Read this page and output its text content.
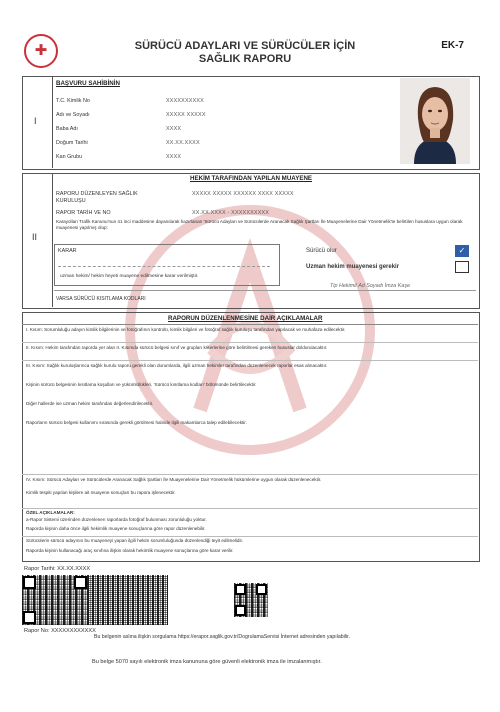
✚	SÜRÜCÜ ADAYLARI VE SÜRÜCÜLER İÇİN
SAĞLIK RAPORU
EK-7
I
BAŞVURU SAHİBİNİN
T.C. Kimlik No	XXXXXXXXXX
Adı ve Soyadı	XXXXX XXXXX
Baba Adı	XXXX
Doğum Tarihi	XX.XX.XXXX
Kan Grubu	XXXX
II
HEKİM TARAFINDAN YAPILAN MUAYENE
RAPORU DÜZENLEYEN SAĞLIK KURULUŞU
XXXXX XXXXX XXXXXX XXXX XXXXX
RAPOR TARİH VE NO	XX.XX.XXXX - XXXXXXXXXX
Karayolları Trafik Kanunu'nun 41 inci maddesine dayanılarak hazırlanan 'Sürücü Adayları ve Sürücülerde Aranacak Sağlık Şartları İle Muayenelerine Dair Yönetmelik'te belirtilen hususlara uygun olarak muayenesi yapılmış olup:
KARAR
uzman hekim/ hekim heyeti muayene edilmesine karar verilmiştir.
Sürücü olur	✓
Uzman hekim muayenesi gerekir
Tip Hekimi/ Ad Soyadı İmza Kaşe
VARSA SÜRÜCÜ KISITLAMA KODLARI
RAPORUN DÜZENLENMESİNE DAİR AÇIKLAMALAR
I. Kısım: Sorumluluğu adayın kimlik bilgilerinin ve fotoğrafının kontrolü, kimlik bilgileri ve fotoğraf sağlık kuruluşu tarafından yapılacak ve muhafaza edilecektir.
II. Kısım: Hekim tarafından raporda yer alan II. Kısımda sürücü belgesi sınıf ve grupları kriterlerine göre belirtilmesi gereken hususlar doldurulacaktır.
III. Kısım: Sağlık kuruluşlarınca sağlık kurulu raporu gerekli olan durumlarda, ilgili uzman hekimler tarafından düzenlenecek raporlar esas alınacaktır.
Kişinin sürücü belgesinin kısıtlama koşulları ve yükümlülükleri, 'Sürücü kısıtlama kodları' bölümünde belirtilecektir.
Diğer hallerde ise uzman hekim tarafından değerlendirilecektir.
Raporların sürücü belgesi kullanımı sırasında gerekli görülmesi halinde ilgili makamlarca talep edilebilecektir.
IV. Kısım: Sürücü Adayları ve Sürücülerde Aranacak Sağlık Şartları İle Muayenelerine Dair Yönetmelik hükümlerine uygun olarak düzenlenecektir.
Kimlik tespiti yapılan kişilere ait muayene sonuçları bu rapora işlenecektir.
ÖZEL AÇIKLAMALAR:
a-Rapor Sistemi üzerinden düzenlenen raporlarda fotoğraf bulunması zorunluluğu yoktur.
Raporda kişinin daha önce ilgili hekimlik muayene sonuçlarına göre rapor düzenlenebilir.
Sürücülerin sürücü adayının bu muayeneyi yapan ilgili hekim sorumluluğunda düzenlendiği teyit edilmelidir.
Raporda kişinin kullanacağı araç sınıfına ilişkin olarak hekimlik muayene sonuçlarına göre karar verilir.
Rapor Tarihi: XX.XX.XXXX
Rapor No: XXXXXXXXXXXX
Bu belgenin aslına ilişkin sorgulama https://erapor.saglik.gov.tr/DogrulamaServisi İnternet adresinden yapılabilir.
Bu belge 5070 sayılı elektronik imza kanununa göre güvenli elektronik imza ile imzalanmıştır.
